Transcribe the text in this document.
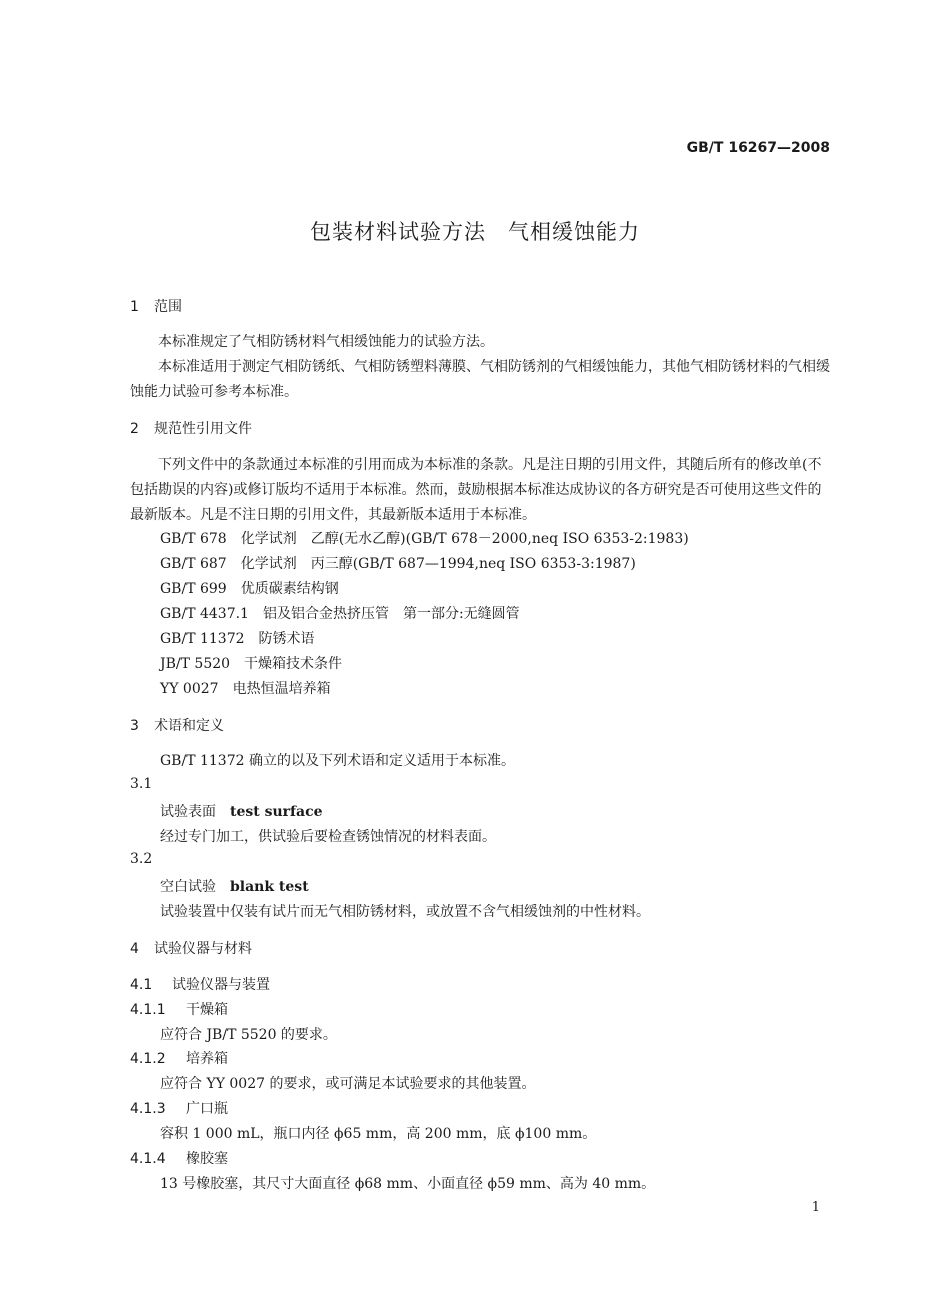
GB/T 16267—2008
包装材料试验方法　气相缓蚀能力
1 范围
本标准规定了气相防锈材料气相缓蚀能力的试验方法。
本标准适用于测定气相防锈纸、气相防锈塑料薄膜、气相防锈剂的气相缓蚀能力，其他气相防锈材料的气相缓蚀能力试验可参考本标准。
2 规范性引用文件
下列文件中的条款通过本标准的引用而成为本标准的条款。凡是注日期的引用文件，其随后所有的修改单(不包括勘误的内容)或修订版均不适用于本标准。然而，鼓励根据本标准达成协议的各方研究是否可使用这些文件的最新版本。凡是不注日期的引用文件，其最新版本适用于本标准。
GB/T 678 化学试剂　乙醇(无水乙醇)(GB/T 678－2000,neq ISO 6353-2:1983)
GB/T 687 化学试剂　丙三醇(GB/T 687—1994,neq ISO 6353-3:1987)
GB/T 699 优质碳素结构钢
GB/T 4437.1 铝及铝合金热挤压管　第一部分:无缝圆管
GB/T 11372 防锈术语
JB/T 5520 干燥箱技术条件
YY 0027 电热恒温培养箱
3 术语和定义
GB/T 11372 确立的以及下列术语和定义适用于本标准。
3.1
试验表面 test surface
经过专门加工，供试验后要检查锈蚀情况的材料表面。
3.2
空白试验 blank test
试验装置中仅装有试片而无气相防锈材料，或放置不含气相缓蚀剂的中性材料。
4 试验仪器与材料
4.1 试验仪器与装置
4.1.1 干燥箱
应符合 JB/T 5520 的要求。
4.1.2 培养箱
应符合 YY 0027 的要求，或可满足本试验要求的其他装置。
4.1.3 广口瓶
容积 1 000 mL，瓶口内径 ϕ65 mm，高 200 mm，底 ϕ100 mm。
4.1.4 橡胶塞
13 号橡胶塞，其尺寸大面直径 ϕ68 mm、小面直径 ϕ59 mm、高为 40 mm。
1
